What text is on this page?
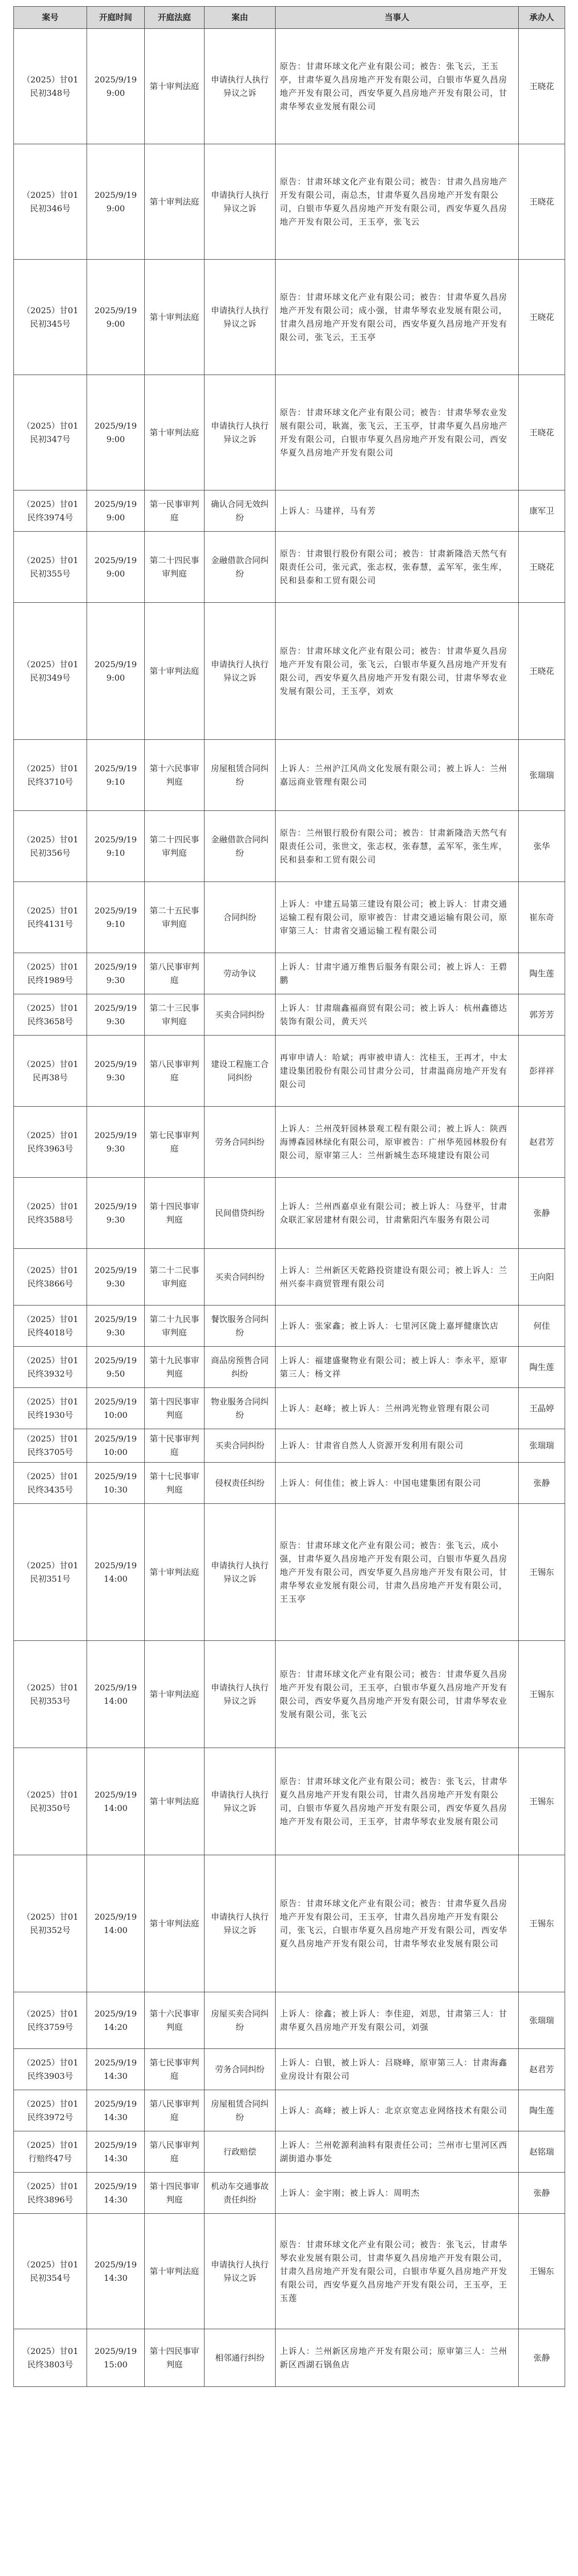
案号	开庭时间	开庭法庭	案由	当事人	承办人
（2025）甘01民初348号	2025/9/19 9:00	第十审判法庭	申请执行人执行异议之诉	原告：甘肃环球文化产业有限公司；被告：张飞云，王玉亭，甘肃华夏久昌房地产开发有限公司，白银市华夏久昌房地产开发有限公司，西安华夏久昌房地产开发有限公司，甘肃华琴农业发展有限公司	王晓花
（2025）甘01民初346号	2025/9/19 9:00	第十审判法庭	申请执行人执行异议之诉	原告：甘肃环球文化产业有限公司；被告：甘肃久昌房地产开发有限公司，南总杰，甘肃华夏久昌房地产开发有限公司，白银市华夏久昌房地产开发有限公司，西安华夏久昌房地产开发有限公司，王玉亭，张飞云	王晓花
（2025）甘01民初345号	2025/9/19 9:00	第十审判法庭	申请执行人执行异议之诉	原告：甘肃环球文化产业有限公司；被告：甘肃华夏久昌房地产开发有限公司；成小强，甘肃华琴农业发展有限公司，甘肃久昌房地产开发有限公司，西安华夏久昌房地产开发有限公司，张飞云，王玉亭	王晓花
（2025）甘01民初347号	2025/9/19 9:00	第十审判法庭	申请执行人执行异议之诉	原告：甘肃环球文化产业有限公司；被告：甘肃华琴农业发展有限公司，耿嵩，张飞云，王玉亭，甘肃华夏久昌房地产开发有限公司，白银市华夏久昌房地产开发有限公司，西安华夏久昌房地产开发有限公司	王晓花
（2025）甘01民终3974号	2025/9/19 9:00	第一民事审判庭	确认合同无效纠纷	上诉人：马建祥，马有芳	康军卫
（2025）甘01民初355号	2025/9/19 9:00	第二十四民事审判庭	金融借款合同纠纷	原告：甘肃银行股份有限公司；被告：甘肃新隆浩天然气有限责任公司，张元武，张志权，张春慧，孟军军，张生库，民和县泰和工贸有限公司	王晓花
（2025）甘01民初349号	2025/9/19 9:00	第十审判法庭	申请执行人执行异议之诉	原告：甘肃环球文化产业有限公司；被告：甘肃华夏久昌房地产开发有限公司，张飞云，白银市华夏久昌房地产开发有限公司，西安华夏久昌房地产开发有限公司，甘肃华琴农业发展有限公司，王玉亭，刘欢	王晓花
（2025）甘01民终3710号	2025/9/19 9:10	第十六民事审判庭	房屋租赁合同纠纷	上诉人：兰州沪江风尚文化发展有限公司；被上诉人：兰州嘉远商业管理有限公司	张瑞瑞
（2025）甘01民初356号	2025/9/19 9:10	第二十四民事审判庭	金融借款合同纠纷	原告：兰州银行股份有限公司；被告：甘肃新隆浩天然气有限责任公司，张世文，张志权，张春慧，孟军军，张生库，民和县泰和工贸有限公司	张华
（2025）甘01民终4131号	2025/9/19 9:10	第二十五民事审判庭	合同纠纷	上诉人：中建五局第三建设有限公司；被上诉人：甘肃交通运输工程有限公司，原审被告：甘肃交通运输有限公司，原审第三人：甘肃省交通运输工程有限公司	崔东奇
（2025）甘01民终1989号	2025/9/19 9:30	第八民事审判庭	劳动争议	上诉人：甘肃宇通万维售后服务有限公司；被上诉人：王碧鹏	陶生莲
（2025）甘01民终3658号	2025/9/19 9:30	第二十三民事审判庭	买卖合同纠纷	上诉人：甘肃瑞鑫福商贸有限公司；被上诉人：杭州鑫德达装饰有限公司，黄天兴	郭芳芳
（2025）甘01民再38号	2025/9/19 9:30	第八民事审判庭	建设工程施工合同纠纷	再审申请人：哈斌；再审被申请人：沈桂玉，王再才，中太建设集团股份有限公司甘肃分公司，甘肃温商房地产开发有限公司	彭祥祥
（2025）甘01民终3963号	2025/9/19 9:30	第七民事审判庭	劳务合同纠纷	上诉人：兰州茂轩园林景观工程有限公司；被上诉人：陕西海博森园林绿化有限公司，原审被告：广州华苑园林股份有限公司，原审第三人：兰州新城生态环境建设有限公司	赵君芳
（2025）甘01民终3588号	2025/9/19 9:30	第十四民事审判庭	民间借贷纠纷	上诉人：兰州西嘉卓业有限公司；被上诉人：马登平，甘肃众联汇家居建材有限公司，甘肃紫阳汽车服务有限公司	张静
（2025）甘01民终3866号	2025/9/19 9:30	第二十二民事审判庭	买卖合同纠纷	上诉人：兰州新区天乾路投资建设有限公司；被上诉人：兰州兴泰丰商贸管理有限公司	王向阳
（2025）甘01民终4018号	2025/9/19 9:30	第二十九民事审判庭	餐饮服务合同纠纷	上诉人：张家鑫；被上诉人：七里河区陇上嘉坪健康饮店	何佳
（2025）甘01民终3932号	2025/9/19 9:50	第十九民事审判庭	商品房预售合同纠纷	上诉人：福建盛聚物业有限公司；被上诉人：李永平，原审第三人：杨文祥	陶生莲
（2025）甘01民终1930号	2025/9/19 10:00	第十四民事审判庭	物业服务合同纠纷	上诉人：赵峰；被上诉人：兰州鸿光物业管理有限公司	王晶婷
（2025）甘01民终3705号	2025/9/19 10:00	第十民事审判庭	买卖合同纠纷	上诉人：甘肃省自然人人资源开发利用有限公司	张瑞瑞
（2025）甘01民终3435号	2025/9/19 10:30	第十七民事审判庭	侵权责任纠纷	上诉人：何佳佳；被上诉人：中国电建集团有限公司	张静
（2025）甘01民初351号	2025/9/19 14:00	第十审判法庭	申请执行人执行异议之诉	原告：甘肃环球文化产业有限公司；被告：张飞云，成小强，甘肃华夏久昌房地产开发有限公司，白银市华夏久昌房地产开发有限公司，西安华夏久昌房地产开发有限公司，甘肃华琴农业发展有限公司，甘肃久昌房地产开发有限公司，王玉亭	王锡东
（2025）甘01民初353号	2025/9/19 14:00	第十审判法庭	申请执行人执行异议之诉	原告：甘肃环球文化产业有限公司；被告：甘肃华夏久昌房地产开发有限公司，王玉亭，白银市华夏久昌房地产开发有限公司，西安华夏久昌房地产开发有限公司，甘肃华琴农业发展有限公司，张飞云	王锡东
（2025）甘01民初350号	2025/9/19 14:00	第十审判法庭	申请执行人执行异议之诉	原告：甘肃环球文化产业有限公司；被告：张飞云，甘肃华夏久昌房地产开发有限公司，甘肃久昌房地产开发有限公司，白银市华夏久昌房地产开发有限公司，西安华夏久昌房地产开发有限公司，王玉亭，甘肃华琴农业发展有限公司	王锡东
（2025）甘01民初352号	2025/9/19 14:00	第十审判法庭	申请执行人执行异议之诉	原告：甘肃环球文化产业有限公司；被告：甘肃华夏久昌房地产开发有限公司，王玉亭，甘肃久昌房地产开发有限公司，张飞云，白银市华夏久昌房地产开发有限公司，西安华夏久昌房地产开发有限公司，甘肃华琴农业发展有限公司	王锡东
（2025）甘01民终3759号	2025/9/19 14:20	第十六民事审判庭	房屋买卖合同纠纷	上诉人：徐鑫；被上诉人：李佳迎，刘思，甘肃第三人：甘肃华夏久昌房地产开发有限公司，刘强	张瑞瑞
（2025）甘01民终3903号	2025/9/19 14:30	第七民事审判庭	劳务合同纠纷	上诉人：白银，被上诉人：吕晓峰，原审第三人：甘肃海鑫业房设计有限公司	赵君芳
（2025）甘01民终3972号	2025/9/19 14:30	第八民事审判庭	房屋租赁合同纠纷	上诉人：高峰；被上诉人：北京京宽志业网络技术有限公司	陶生莲
（2025）甘01行赔终47号	2025/9/19 14:30	第八民事审判庭	行政赔偿	上诉人：兰州乾源利油料有限责任公司；兰州市七里河区西湖街道办事处	赵铭瑞
（2025）甘01民终3896号	2025/9/19 14:30	第十四民事审判庭	机动车交通事故责任纠纷	上诉人：金宇刚；被上诉人：周明杰	张静
（2025）甘01民初354号	2025/9/19 14:30	第十审判法庭	申请执行人执行异议之诉	原告：甘肃环球文化产业有限公司；被告：张飞云，甘肃华琴农业发展有限公司，甘肃华夏久昌房地产开发有限公司，甘肃久昌房地产开发有限公司，白银市华夏久昌房地产开发有限公司，西安华夏久昌房地产开发有限公司，王玉亭，王玉莲	王锡东
（2025）甘01民终3803号	2025/9/19 15:00	第十四民事审判庭	相邻通行纠纷	上诉人：兰州新区房地产开发有限公司；原审第三人：兰州新区西湖石锅鱼店	张静
